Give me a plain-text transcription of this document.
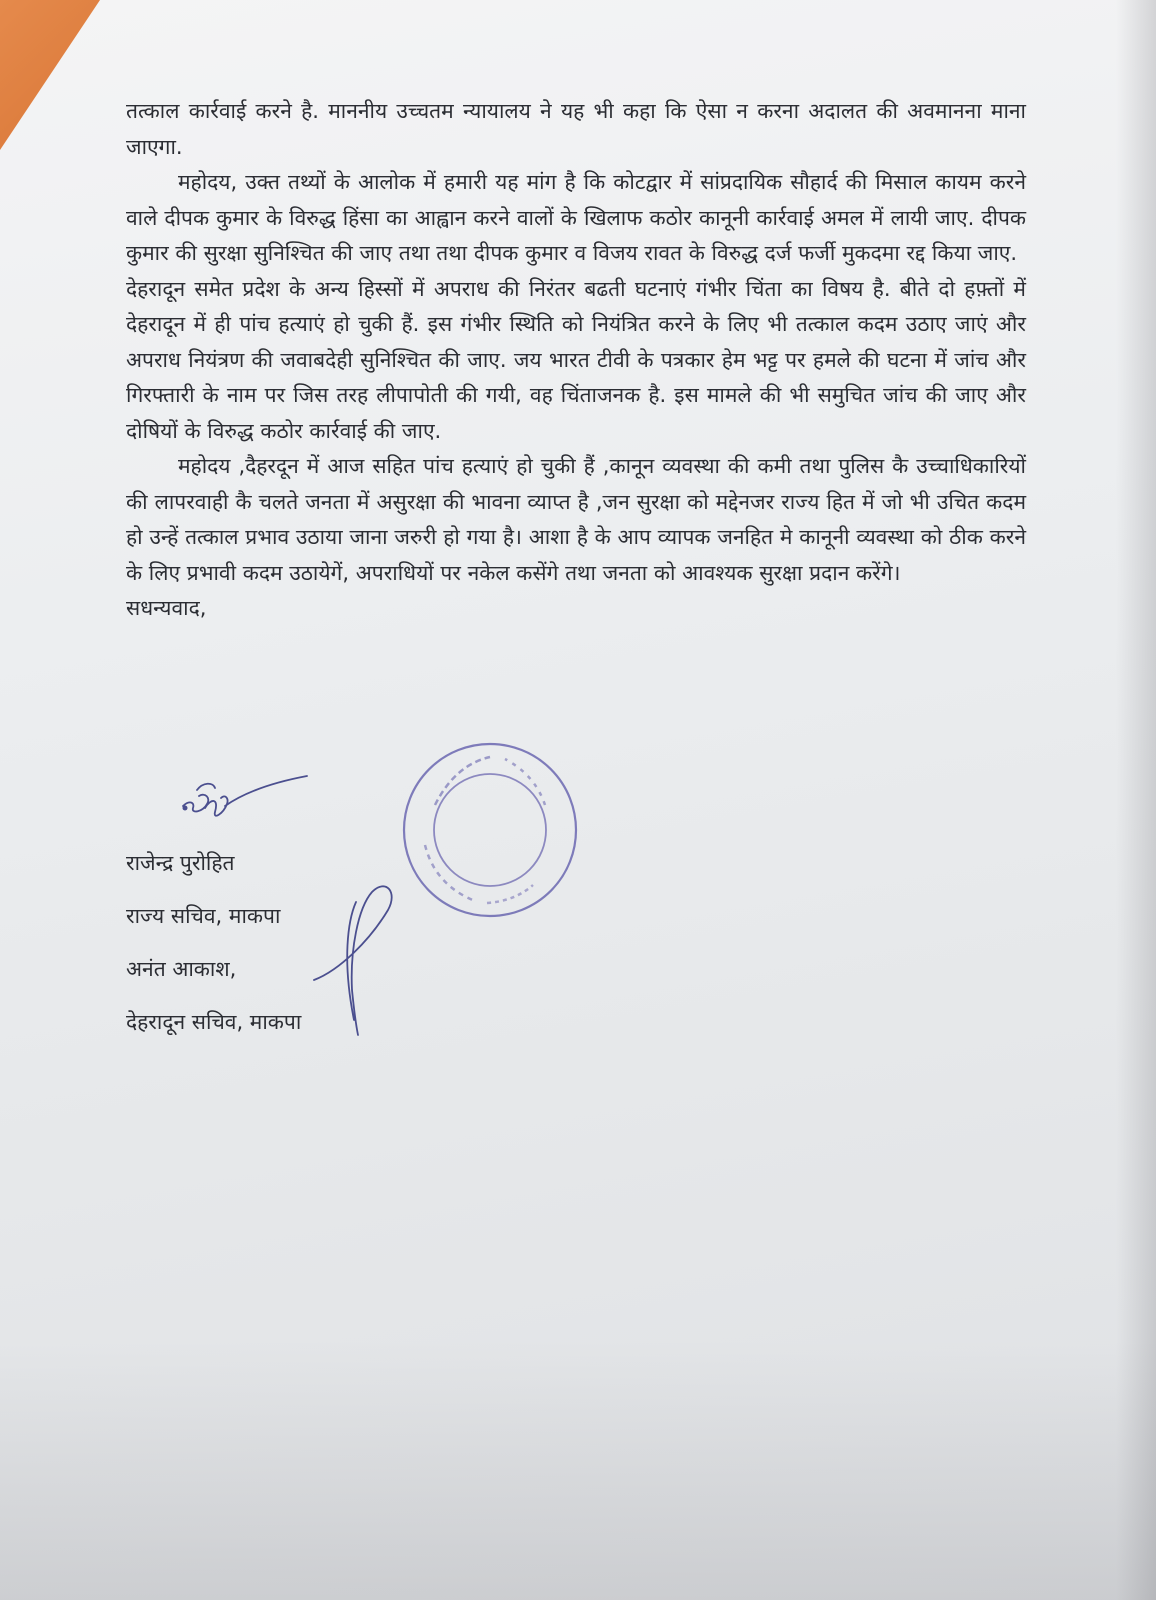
तत्काल कार्रवाई करने है. माननीय उच्चतम न्यायालय ने यह भी कहा कि ऐसा न करना अदालत की अवमानना माना जाएगा.

महोदय, उक्त तथ्यों के आलोक में हमारी यह मांग है कि कोटद्वार में सांप्रदायिक सौहार्द की मिसाल कायम करने वाले दीपक कुमार के विरुद्ध हिंसा का आह्वान करने वालों के खिलाफ कठोर कानूनी कार्रवाई अमल में लायी जाए. दीपक कुमार की सुरक्षा सुनिश्चित की जाए तथा तथा दीपक कुमार व विजय रावत के विरुद्ध दर्ज फर्जी मुकदमा रद्द किया जाए.

देहरादून समेत प्रदेश के अन्य हिस्सों में अपराध की निरंतर बढती घटनाएं गंभीर चिंता का विषय है. बीते दो हफ़्तों में देहरादून में ही पांच हत्याएं हो चुकी हैं. इस गंभीर स्थिति को नियंत्रित करने के लिए भी तत्काल कदम उठाए जाएं और अपराध नियंत्रण की जवाबदेही सुनिश्चित की जाए. जय भारत टीवी के पत्रकार हेम भट्ट पर हमले की घटना में जांच और गिरफ्तारी के नाम पर जिस तरह लीपापोती की गयी, वह चिंताजनक है. इस मामले की भी समुचित जांच की जाए और दोषियों के विरुद्ध कठोर कार्रवाई की जाए.

महोदय ,दैहरदून में आज सहित पांच हत्याएं हो चुकी हैं ,कानून व्यवस्था की कमी तथा पुलिस कै उच्चाधिकारियों की लापरवाही कै चलते जनता में असुरक्षा की भावना व्याप्त है ,जन सुरक्षा को मद्देनजर राज्य हित में जो भी उचित कदम हो उन्हें तत्काल प्रभाव उठाया जाना जरुरी हो गया है। आशा है के आप व्यापक जनहित मे कानूनी व्यवस्था को ठीक करने के लिए प्रभावी कदम उठायेगें, अपराधियों पर नकेल कसेंगे तथा जनता को आवश्यक सुरक्षा प्रदान करेंगे।

सधन्यवाद,

राजेन्द्र पुरोहित
राज्य सचिव, माकपा
अनंत आकाश,
देहरादून सचिव, माकपा
